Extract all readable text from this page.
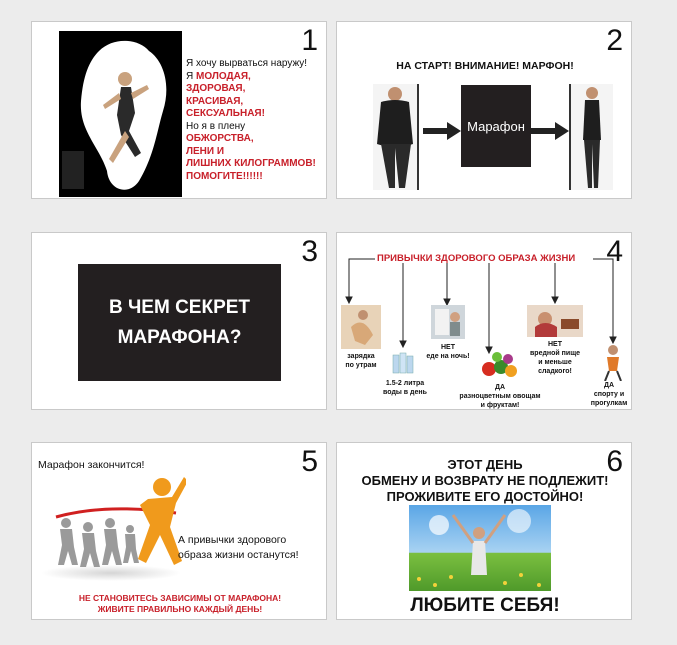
1
Я хочу вырваться наружу!
Я МОЛОДАЯ,
ЗДОРОВАЯ,
КРАСИВАЯ,
СЕКСУАЛЬНАЯ!
Но я в плену
ОБЖОРСТВА,
ЛЕНИ И
ЛИШНИХ КИЛОГРАММОВ!
ПОМОГИТЕ!!!!!!
2
НА СТАРТ! ВНИМАНИЕ! МАРФОН!
Марафон
3
В ЧЕМ СЕКРЕТ
МАРАФОНА?
4
ПРИВЫЧКИ ЗДОРОВОГО ОБРАЗА ЖИЗНИ
зарядка
по утрам
1.5-2 литра
воды в день
НЕТ
еде на ночь!
ДА
разноцветным овощам
и фруктам!
НЕТ
вредной пище
и меньше
сладкого!
ДА
спорту и
прогулкам
5
Марафон закончится!
А привычки здорового
образа жизни останутся!
НЕ СТАНОВИТЕСЬ ЗАВИСИМЫ ОТ МАРАФОНА!
ЖИВИТЕ ПРАВИЛЬНО КАЖДЫЙ ДЕНЬ!
6
ЭТОТ ДЕНЬ
ОБМЕНУ И ВОЗВРАТУ НЕ ПОДЛЕЖИТ!
ПРОЖИВИТЕ ЕГО ДОСТОЙНО!
ЛЮБИТЕ СЕБЯ!
